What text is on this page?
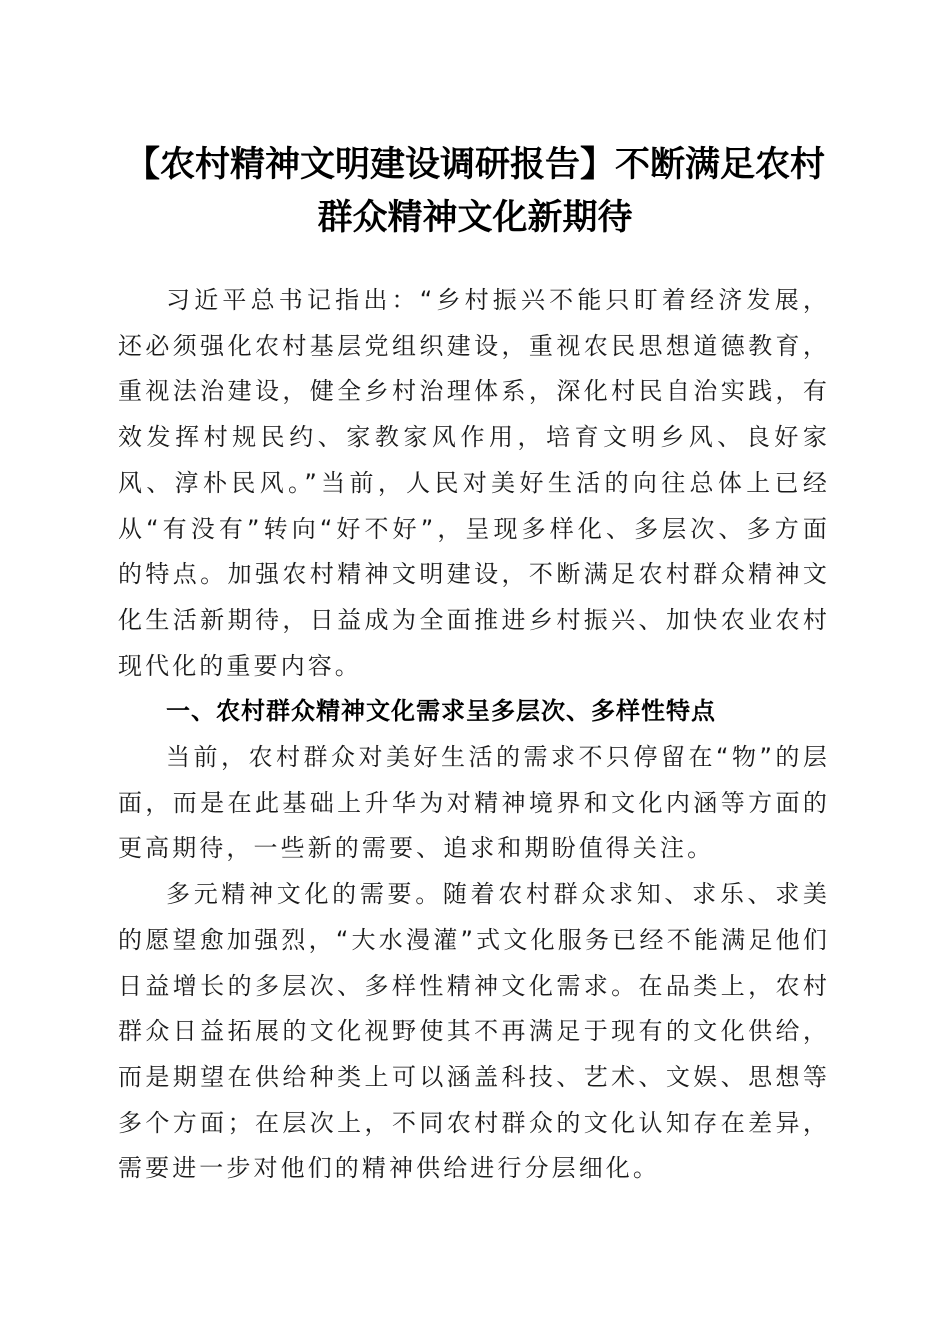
【农村精神文明建设调研报告】不断满足农村
群众精神文化新期待

习近平总书记指出：“乡村振兴不能只盯着经济发展，还必须强化农村基层党组织建设，重视农民思想道德教育，重视法治建设，健全乡村治理体系，深化村民自治实践，有效发挥村规民约、家教家风作用，培育文明乡风、良好家风、淳朴民风。”当前，人民对美好生活的向往总体上已经从“有没有”转向“好不好”，呈现多样化、多层次、多方面的特点。加强农村精神文明建设，不断满足农村群众精神文化生活新期待，日益成为全面推进乡村振兴、加快农业农村现代化的重要内容。

一、农村群众精神文化需求呈多层次、多样性特点

当前，农村群众对美好生活的需求不只停留在“物”的层面，而是在此基础上升华为对精神境界和文化内涵等方面的更高期待，一些新的需要、追求和期盼值得关注。

多元精神文化的需要。随着农村群众求知、求乐、求美的愿望愈加强烈，“大水漫灌”式文化服务已经不能满足他们日益增长的多层次、多样性精神文化需求。在品类上，农村群众日益拓展的文化视野使其不再满足于现有的文化供给，而是期望在供给种类上可以涵盖科技、艺术、文娱、思想等多个方面；在层次上，不同农村群众的文化认知存在差异，需要进一步对他们的精神供给进行分层细化。
